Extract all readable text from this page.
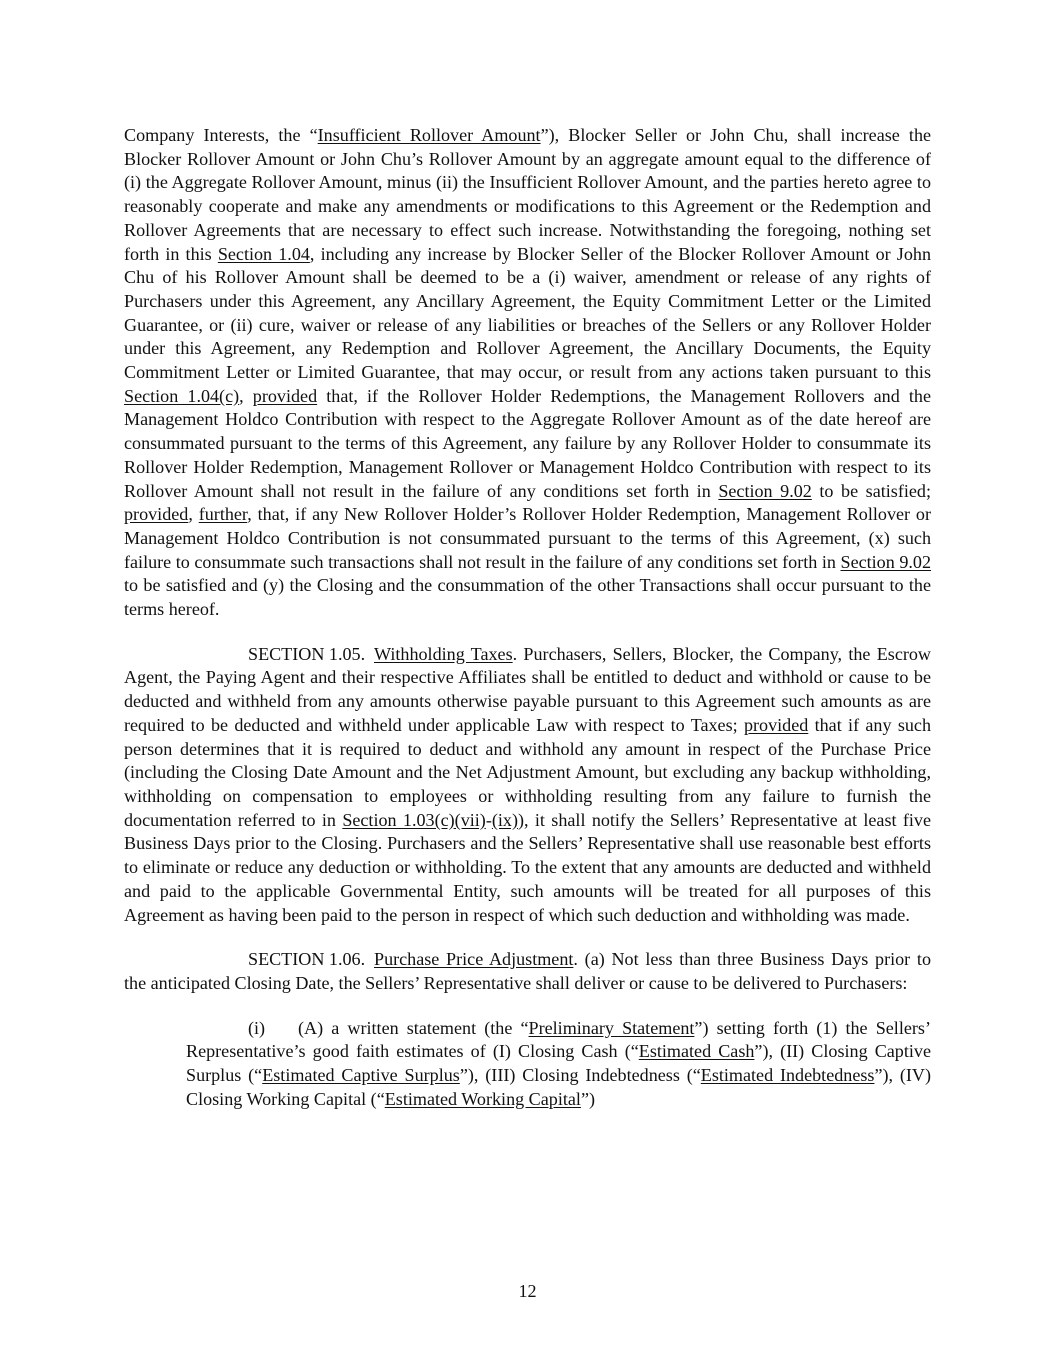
Company Interests, the “Insufficient Rollover Amount”), Blocker Seller or John Chu, shall increase the Blocker Rollover Amount or John Chu’s Rollover Amount by an aggregate amount equal to the difference of (i) the Aggregate Rollover Amount, minus (ii) the Insufficient Rollover Amount, and the parties hereto agree to reasonably cooperate and make any amendments or modifications to this Agreement or the Redemption and Rollover Agreements that are necessary to effect such increase. Notwithstanding the foregoing, nothing set forth in this Section 1.04, including any increase by Blocker Seller of the Blocker Rollover Amount or John Chu of his Rollover Amount shall be deemed to be a (i) waiver, amendment or release of any rights of Purchasers under this Agreement, any Ancillary Agreement, the Equity Commitment Letter or the Limited Guarantee, or (ii) cure, waiver or release of any liabilities or breaches of the Sellers or any Rollover Holder under this Agreement, any Redemption and Rollover Agreement, the Ancillary Documents, the Equity Commitment Letter or Limited Guarantee, that may occur, or result from any actions taken pursuant to this Section 1.04(c), provided that, if the Rollover Holder Redemptions, the Management Rollovers and the Management Holdco Contribution with respect to the Aggregate Rollover Amount as of the date hereof are consummated pursuant to the terms of this Agreement, any failure by any Rollover Holder to consummate its Rollover Holder Redemption, Management Rollover or Management Holdco Contribution with respect to its Rollover Amount shall not result in the failure of any conditions set forth in Section 9.02 to be satisfied; provided, further, that, if any New Rollover Holder’s Rollover Holder Redemption, Management Rollover or Management Holdco Contribution is not consummated pursuant to the terms of this Agreement, (x) such failure to consummate such transactions shall not result in the failure of any conditions set forth in Section 9.02 to be satisfied and (y) the Closing and the consummation of the other Transactions shall occur pursuant to the terms hereof.

SECTION 1.05. Withholding Taxes. Purchasers, Sellers, Blocker, the Company, the Escrow Agent, the Paying Agent and their respective Affiliates shall be entitled to deduct and withhold or cause to be deducted and withheld from any amounts otherwise payable pursuant to this Agreement such amounts as are required to be deducted and withheld under applicable Law with respect to Taxes; provided that if any such person determines that it is required to deduct and withhold any amount in respect of the Purchase Price (including the Closing Date Amount and the Net Adjustment Amount, but excluding any backup withholding, withholding on compensation to employees or withholding resulting from any failure to furnish the documentation referred to in Section 1.03(c)(vii)-(ix)), it shall notify the Sellers’ Representative at least five Business Days prior to the Closing. Purchasers and the Sellers’ Representative shall use reasonable best efforts to eliminate or reduce any deduction or withholding. To the extent that any amounts are deducted and withheld and paid to the applicable Governmental Entity, such amounts will be treated for all purposes of this Agreement as having been paid to the person in respect of which such deduction and withholding was made.

SECTION 1.06. Purchase Price Adjustment. (a) Not less than three Business Days prior to the anticipated Closing Date, the Sellers’ Representative shall deliver or cause to be delivered to Purchasers:

(i) (A) a written statement (the “Preliminary Statement”) setting forth (1) the Sellers’ Representative’s good faith estimates of (I) Closing Cash (“Estimated Cash”), (II) Closing Captive Surplus (“Estimated Captive Surplus”), (III) Closing Indebtedness (“Estimated Indebtedness”), (IV) Closing Working Capital (“Estimated Working Capital”)

12
